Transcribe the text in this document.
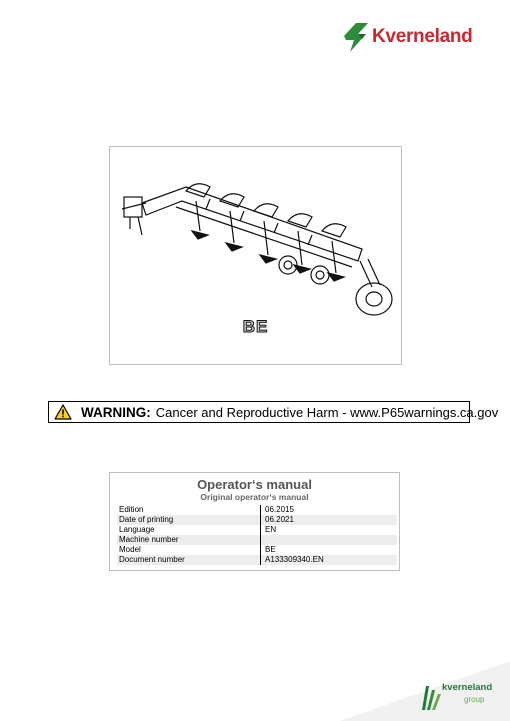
Kverneland
BE
WARNING: Cancer and Reproductive Harm - www.P65warnings.ca.gov
Operator‘s manual
Original operator‘s manual
Edition	06.2015
Date of printing	06.2021
Language	EN
Machine number
Model	BE
Document number	A133309340.EN
kverneland
group
